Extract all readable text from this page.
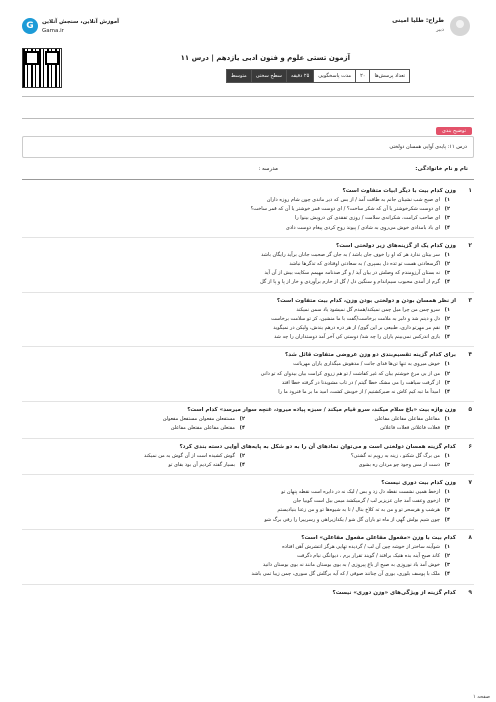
طراح: طلیا امینی
دبیر
G	آموزش آنلاین، سنجش آنلاین
Gama.ir
آزمون تستی علوم و فنون ادبی یازدهم | درس ۱۱
تعداد پرسش‌ها
۲۰
مدت پاسخگویی
۲۵ دقیقه
سطح سختی
متوسط
توضیح بندی
درس ۱۱: پایه‌ی آوایی همسان دولختی
نام و نام خانوادگی:
مدرسه :
۱
وزن کدام بیت با دیگر ابیات متفاوت است؟
۱)ای صبح شب نشینان جانم به طاقت آمد / از بس که دیر ماندی چون شام روزه داران
۲)ای دوست شکرخوشتر یا آن که شکر ساخت؟ / ای دوست قمر خوشتر یا آن که قمر ساخت؟
۳)ای صاحب کرامت، شکرانه‌ی سلامت / روزی تفقدی کن درویش بینوا را
۴)ای باد بامدادی خوش می‌روی به شادی / پیوند روح کردی پیغام دوست دادی
۲
وزن کدام یک از گزینه‌های زیر دولختی است؟
۱)سر بیتان ندارد هر که او را خوف جان باشد / به جان گر صحبت جانان برآید رایگان باشد
۲)اگرسعادتی هست تو ثده دل بسپری / به سعادتی اوفتادی که تدگرها نباشد
۳)نه بستان آرزومندم که وصلش در بیان آید / و گر صدنامه مهیمم سکایت بیش از آن آید
۴)گرم از آمدی محبوب سیم‌اندام و سنگین دل / گل از خارم برآوردی و خار از پا و پا از گل
۳
از نظر همسان بودن و دولختی بودن وزن، کدام بیت متفاوت است؟
۱)سرو چمن من چرا میل چمن نمیکند/همدم گل نمیشود یاد سمن نمیکند
۲)دل و دینم شد و دلبر به ملامت برخاست/گفت با ما منشین، کز تو سلامت برخاست
۳)نقم مر مهرتو داری، طبیعی بر این گوی/ از هر دره درهم یندش، ولیکن در نمیگوید
۴)بازی اندرکس نمی‌بینم یاران را چه شد/ دوستی کی آخر آمد دوستداران را چه شد
۴
برای کدام گزینه تقسیم‌بندی دو وزن عروضی متفاوت قائل شد؟
۱)خوش میروی به تنها تن‌ها فدای جانت / مدهوش میگذاری یاران مهربانت
۲)من از بی مرغ خوشتم بیان که غیر کفاشت / تو هم زروی کرامت بیان بیدوان که تو دانی
۳)از گرفت سیاهت را می مشک خطا گیتم / در تاب مشویدنا در گرفته خطا افتد
۴)امیدآ ما تبه کیم کاش نه صبرکشتیم / از خوبش کشت، امید ما بر ما فترود ما را
۵
وزن واژه بیت «باغ سلام میکند، سرو قیام میکند / سبزه پیاده میرود، غنچه سوار میرسد» کدام است؟
۱)مفاعلن مفاعلن مفاعلن مفاعلن
۳)فعلات فاعلاتن فعلات فاعلاتن
۲)مستفعلن مفعولن مستفعل مفعولن
۴)مفتعلن مفاعلن مفتعلن مفاعلن
۶
کدام گزینه همسان دولختی است و می‌توان نمادهای آن را به دو شکل به پایه‌های آوایی دسته بندی کرد؟
۱)من برگ گل شکتو ، زینه به رویم نه گشتی؟
۳)دست از مس وجود چو مردان ره بشوی
۲)گوش کشیده است از آن گوش به من نمیکند
۴)بسیار گفته کردیم آن بود بقای تو
۷
وزن کدام بیت دوری نیست؟
۱)ازخط همیی نشست نقطه دل زد و بس / لیک نه در دایره است نقطه پنهان تو
۲)ازخوی وعفت آمد جان عزیزبر لب / گرمیکشد میس بیل است گوبیا جان
۳)هرشب و هرسحر تو و من به ته کلاخ بنال / تا به شیوه‌ها تو و من زعنا بنیادیستم
۴)چون شیم بولش گهی از ماه تو باران گل شو / یکدازیراهی و رسرییرا را رفی برگ شو
۸
کدام بیت با وزن «مفعول مفاعلن مفعول مفاعلن» است؟
۱)شوآینه ساختر از خوشه چین آن لب / گردیده تهایی هرگز انتشرش آهن افتاده
۲)کاند صبح آینه بده هتیک برافتد / گویند تقرار برم ، دیوانگی نیام دگرفت
۳)خوش آمد باد نوروزی به صبح از باغ پیروزی / به بوی بوستان مانند نه بوی بوستان دانید
۴)ملک با پوسف بلوری، بوری آن چنانند صوفی / که آیه برگلش گل سوری، چمن زیبا تمی باشد
۹
کدام گزینه از ویژگی‌های «وزن دوری» نیست؟
صفحه ۱
